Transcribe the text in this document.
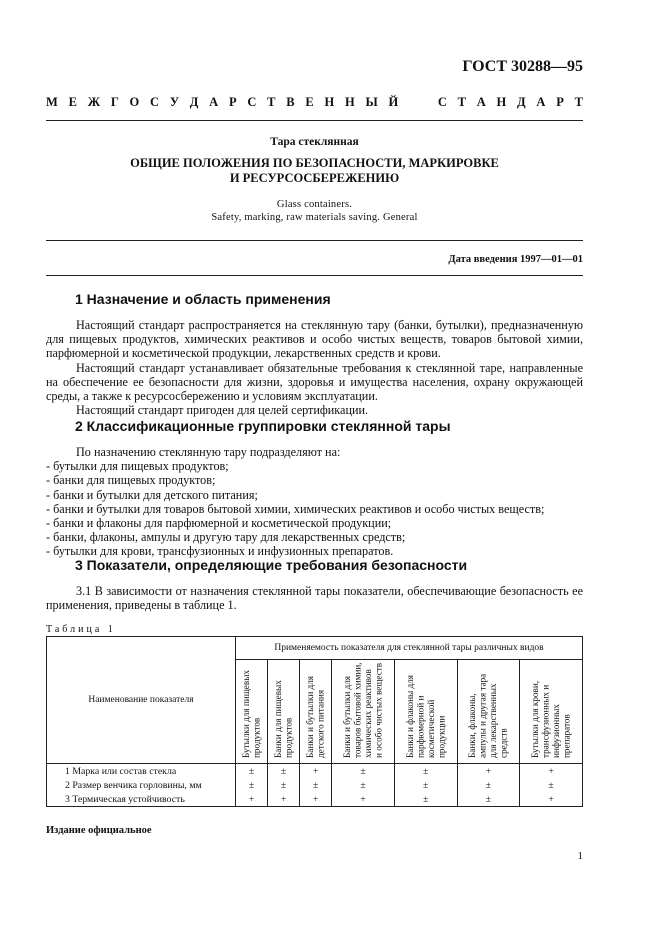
ГОСТ 30288—95
М Е Ж Г О С У Д А Р С Т В Е Н Н Ы Й	С Т А Н Д А Р Т
Тара стеклянная
ОБЩИЕ ПОЛОЖЕНИЯ ПО БЕЗОПАСНОСТИ, МАРКИРОВКЕ
И РЕСУРСОСБЕРЕЖЕНИЮ
Glass containers.
Safety, marking, raw materials saving. General
Дата введения 1997—01—01
1 Назначение и область применения

Настоящий стандарт распространяется на стеклянную тару (банки, бутылки), предназначенную для пищевых продуктов, химических реактивов и особо чистых веществ, товаров бытовой химии, парфюмерной и косметической продукции, лекарственных средств и крови.

Настоящий стандарт устанавливает обязательные требования к стеклянной таре, направленные на обеспечение ее безопасности для жизни, здоровья и имущества населения, охрану окружающей среды, а также к ресурсосбережению и условиям эксплуатации.

Настоящий стандарт пригоден для целей сертификации.

2 Классификационные группировки стеклянной тары
По назначению стеклянную тару подразделяют на:
- бутылки для пищевых продуктов;
- банки для пищевых продуктов;
- банки и бутылки для детского питания;
- банки и бутылки для товаров бытовой химии, химических реактивов и особо чистых веществ;
- банки и флаконы для парфюмерной и косметической продукции;
- банки, флаконы, ампулы и другую тару для лекарственных средств;
- бутылки для крови, трансфузионных и инфузионных препаратов.
3 Показатели, определяющие требования безопасности

3.1 В зависимости от назначения стеклянной тары показатели, обеспечивающие безопасность ее применения, приведены в таблице 1.

Таблица 1
Наименование показателя	Применяемость показателя для стеклянной тары различных видов						
	Бутылки для пищевых продуктов	Банки для пищевых продуктов	Банки и бутылки для детского питания	Банки и бутылки для товаров бытовой химии, химических реактивов и особо чистых веществ	Банки и флаконы для парфюмерной и косметической продукции	Банки, флаконы, ампулы и другая тара для лекарственных средств	Бутылки для крови, трансфузионных и инфузионных препаратов
1 Марка или состав стекла	±	±	+	±	±	+	+
2 Размер венчика горловины, мм	±	±	±	±	±	±	±
3 Термическая устойчивость	+	+	+	+	±	±	+
Издание официальное
1
